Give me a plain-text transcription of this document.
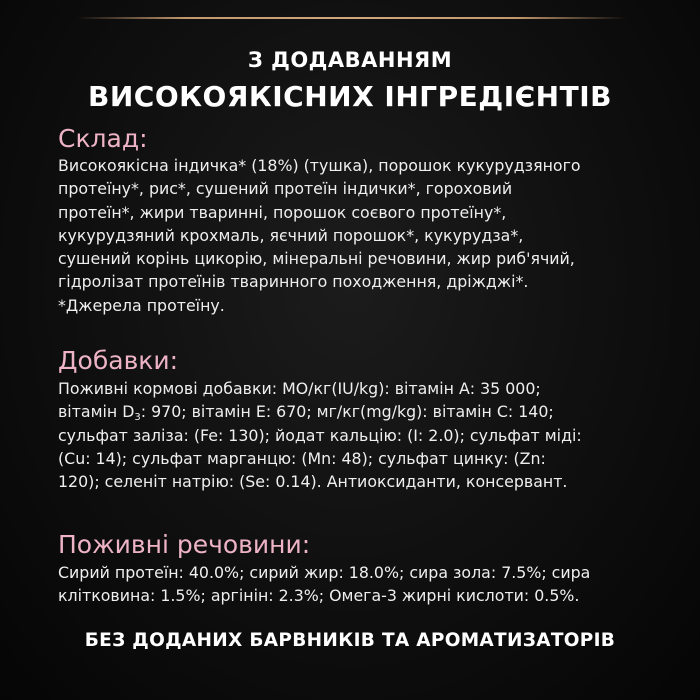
З ДОДАВАННЯМ
ВИСОКОЯКІСНИХ ІНГРЕДІЄНТІВ
Склад:
Високоякісна індичка* (18%) (тушка), порошок кукурудзяного
протеїну*, рис*, сушений протеїн індички*, гороховий
протеїн*, жири тваринні, порошок соєвого протеїну*,
кукурудзяний крохмаль, яєчний порошок*, кукурудза*,
сушений корінь цикорію, мінеральні речовини, жир риб'ячий,
гідролізат протеїнів тваринного походження, дріжджі*.
*Джерела протеїну.
Добавки:
Поживні кормові добавки: МО/кг(IU/kg): вітамін А: 35 000;
вітамін $D_3$: 970; вітамін Е: 670; мг/кг(mg/kg): вітамін С: 140;
сульфат заліза: (Fe: 130); йодат кальцію: (I: 2.0); сульфат міді:
(Cu: 14); сульфат марганцю: (Mn: 48); сульфат цинку: (Zn:
120); селеніт натрію: (Se: 0.14). Антиоксиданти, консервант.
Поживні речовини:
Сирий протеїн: 40.0%; сирий жир: 18.0%; сира зола: 7.5%; сира
клітковина: 1.5%; аргінін: 2.3%; Омега-3 жирні кислоти: 0.5%.
БЕЗ ДОДАНИХ БАРВНИКІВ ТА АРОМАТИЗАТОРІВ
